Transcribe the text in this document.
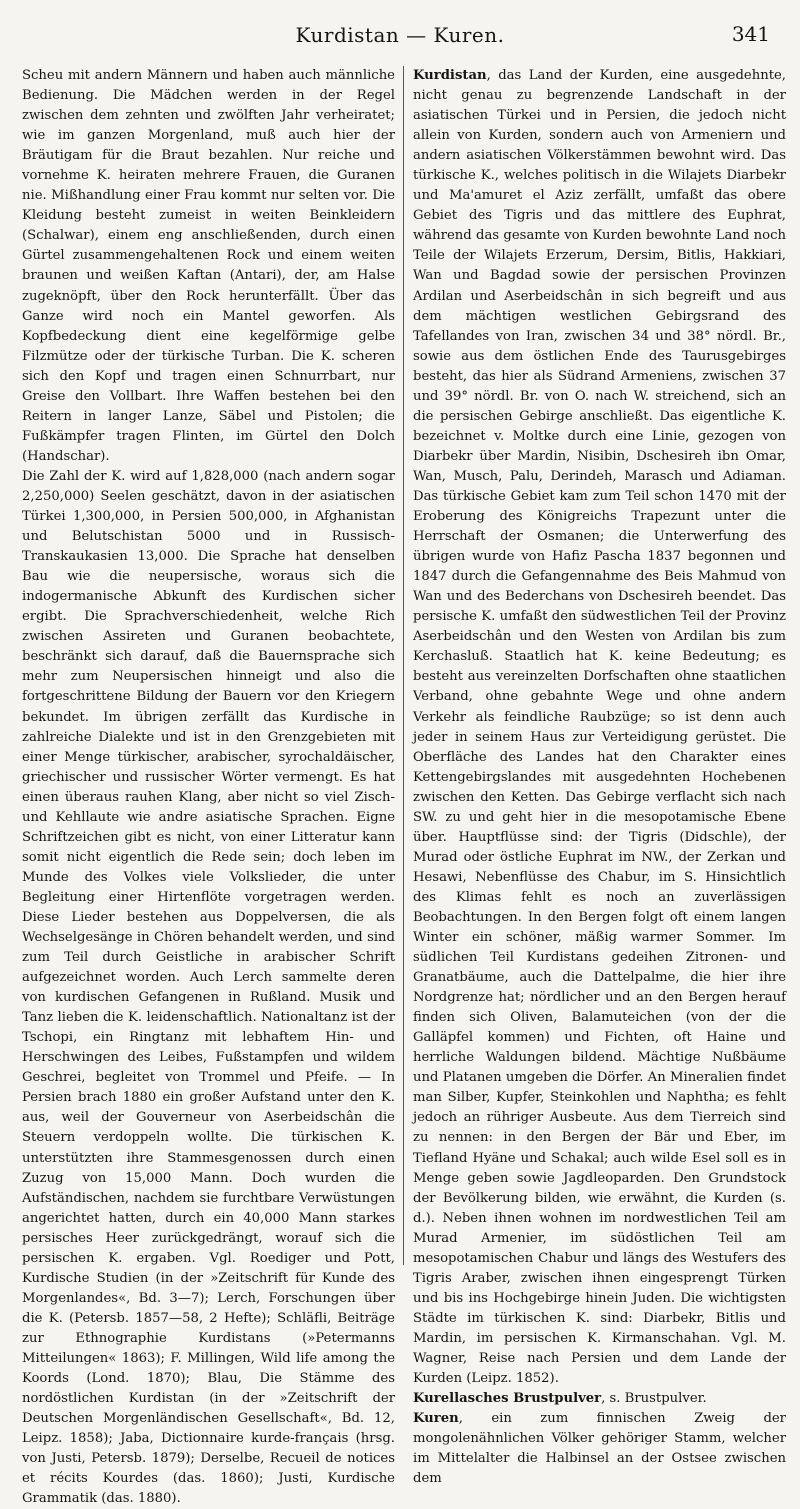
Kurdistan — Kuren.	341

Scheu mit andern Männern und haben auch männliche Bedienung. Die Mädchen werden in der Regel zwischen dem zehnten und zwölften Jahr verheiratet; wie im ganzen Morgenland, muß auch hier der Bräutigam für die Braut bezahlen. Nur reiche und vornehme K. heiraten mehrere Frauen, die Guranen nie. Mißhandlung einer Frau kommt nur selten vor. Die Kleidung besteht zumeist in weiten Beinkleidern (Schalwar), einem eng anschließenden, durch einen Gürtel zusammengehaltenen Rock und einem weiten braunen und weißen Kaftan (Antari), der, am Halse zugeknöpft, über den Rock herunterfällt. Über das Ganze wird noch ein Mantel geworfen. Als Kopfbedeckung dient eine kegelförmige gelbe Filzmütze oder der türkische Turban. Die K. scheren sich den Kopf und tragen einen Schnurrbart, nur Greise den Vollbart. Ihre Waffen bestehen bei den Reitern in langer Lanze, Säbel und Pistolen; die Fußkämpfer tragen Flinten, im Gürtel den Dolch (Handschar).

Die Zahl der K. wird auf 1,828,000 (nach andern sogar 2,250,000) Seelen geschätzt, davon in der asiatischen Türkei 1,300,000, in Persien 500,000, in Afghanistan und Belutschistan 5000 und in Russisch-Transkaukasien 13,000. Die Sprache hat denselben Bau wie die neupersische, woraus sich die indogermanische Abkunft des Kurdischen sicher ergibt. Die Sprachverschiedenheit, welche Rich zwischen Assireten und Guranen beobachtete, beschränkt sich darauf, daß die Bauernsprache sich mehr zum Neupersischen hinneigt und also die fortgeschrittene Bildung der Bauern vor den Kriegern bekundet. Im übrigen zerfällt das Kurdische in zahlreiche Dialekte und ist in den Grenzgebieten mit einer Menge türkischer, arabischer, syrochaldäischer, griechischer und russischer Wörter vermengt. Es hat einen überaus rauhen Klang, aber nicht so viel Zisch- und Kehllaute wie andre asiatische Sprachen. Eigne Schriftzeichen gibt es nicht, von einer Litteratur kann somit nicht eigentlich die Rede sein; doch leben im Munde des Volkes viele Volkslieder, die unter Begleitung einer Hirtenflöte vorgetragen werden. Diese Lieder bestehen aus Doppelversen, die als Wechselgesänge in Chören behandelt werden, und sind zum Teil durch Geistliche in arabischer Schrift aufgezeichnet worden. Auch Lerch sammelte deren von kurdischen Gefangenen in Rußland. Musik und Tanz lieben die K. leidenschaftlich. Nationaltanz ist der Tschopi, ein Ringtanz mit lebhaftem Hin- und Herschwingen des Leibes, Fußstampfen und wildem Geschrei, begleitet von Trommel und Pfeife. — In Persien brach 1880 ein großer Aufstand unter den K. aus, weil der Gouverneur von Aserbeidschân die Steuern verdoppeln wollte. Die türkischen K. unterstützten ihre Stammesgenossen durch einen Zuzug von 15,000 Mann. Doch wurden die Aufständischen, nachdem sie furchtbare Verwüstungen angerichtet hatten, durch ein 40,000 Mann starkes persisches Heer zurückgedrängt, worauf sich die persischen K. ergaben. Vgl. Roediger und Pott, Kurdische Studien (in der »Zeitschrift für Kunde des Morgenlandes«, Bd. 3—7); Lerch, Forschungen über die K. (Petersb. 1857—58, 2 Hefte); Schläfli, Beiträge zur Ethnographie Kurdistans (»Petermanns Mitteilungen« 1863); F. Millingen, Wild life among the Koords (Lond. 1870); Blau, Die Stämme des nordöstlichen Kurdistan (in der »Zeitschrift der Deutschen Morgenländischen Gesellschaft«, Bd. 12, Leipz. 1858); Jaba, Dictionnaire kurde-français (hrsg. von Justi, Petersb. 1879); Derselbe, Recueil de notices et récits Kourdes (das. 1860); Justi, Kurdische Grammatik (das. 1880).

Kurdistan, das Land der Kurden, eine ausgedehnte, nicht genau zu begrenzende Landschaft in der asiatischen Türkei und in Persien, die jedoch nicht allein von Kurden, sondern auch von Armeniern und andern asiatischen Völkerstämmen bewohnt wird. Das türkische K., welches politisch in die Wilajets Diarbekr und Ma'amuret el Aziz zerfällt, umfaßt das obere Gebiet des Tigris und das mittlere des Euphrat, während das gesamte von Kurden bewohnte Land noch Teile der Wilajets Erzerum, Dersim, Bitlis, Hakkiari, Wan und Bagdad sowie der persischen Provinzen Ardilan und Aserbeidschân in sich begreift und aus dem mächtigen westlichen Gebirgsrand des Tafellandes von Iran, zwischen 34 und 38° nördl. Br., sowie aus dem östlichen Ende des Taurusgebirges besteht, das hier als Südrand Armeniens, zwischen 37 und 39° nördl. Br. von O. nach W. streichend, sich an die persischen Gebirge anschließt. Das eigentliche K. bezeichnet v. Moltke durch eine Linie, gezogen von Diarbekr über Mardin, Nisibin, Dschesireh ibn Omar, Wan, Musch, Palu, Derindeh, Marasch und Adiaman. Das türkische Gebiet kam zum Teil schon 1470 mit der Eroberung des Königreichs Trapezunt unter die Herrschaft der Osmanen; die Unterwerfung des übrigen wurde von Hafiz Pascha 1837 begonnen und 1847 durch die Gefangennahme des Beis Mahmud von Wan und des Bederchans von Dschesireh beendet. Das persische K. umfaßt den südwestlichen Teil der Provinz Aserbeidschân und den Westen von Ardilan bis zum Kerchasluß. Staatlich hat K. keine Bedeutung; es besteht aus vereinzelten Dorfschaften ohne staatlichen Verband, ohne gebahnte Wege und ohne andern Verkehr als feindliche Raubzüge; so ist denn auch jeder in seinem Haus zur Verteidigung gerüstet. Die Oberfläche des Landes hat den Charakter eines Kettengebirgslandes mit ausgedehnten Hochebenen zwischen den Ketten. Das Gebirge verflacht sich nach SW. zu und geht hier in die mesopotamische Ebene über. Hauptflüsse sind: der Tigris (Didschle), der Murad oder östliche Euphrat im NW., der Zerkan und Hesawi, Nebenflüsse des Chabur, im S. Hinsichtlich des Klimas fehlt es noch an zuverlässigen Beobachtungen. In den Bergen folgt oft einem langen Winter ein schöner, mäßig warmer Sommer. Im südlichen Teil Kurdistans gedeihen Zitronen- und Granatbäume, auch die Dattelpalme, die hier ihre Nordgrenze hat; nördlicher und an den Bergen herauf finden sich Oliven, Balamuteichen (von der die Galläpfel kommen) und Fichten, oft Haine und herrliche Waldungen bildend. Mächtige Nußbäume und Platanen umgeben die Dörfer. An Mineralien findet man Silber, Kupfer, Steinkohlen und Naphtha; es fehlt jedoch an rühriger Ausbeute. Aus dem Tierreich sind zu nennen: in den Bergen der Bär und Eber, im Tiefland Hyäne und Schakal; auch wilde Esel soll es in Menge geben sowie Jagdleoparden. Den Grundstock der Bevölkerung bilden, wie erwähnt, die Kurden (s. d.). Neben ihnen wohnen im nordwestlichen Teil am Murad Armenier, im südöstlichen Teil am mesopotamischen Chabur und längs des Westufers des Tigris Araber, zwischen ihnen eingesprengt Türken und bis ins Hochgebirge hinein Juden. Die wichtigsten Städte im türkischen K. sind: Diarbekr, Bitlis und Mardin, im persischen K. Kirmanschahan. Vgl. M. Wagner, Reise nach Persien und dem Lande der Kurden (Leipz. 1852).

Kurellasches Brustpulver, s. Brustpulver.

Kuren, ein zum finnischen Zweig der mongolenähnlichen Völker gehöriger Stamm, welcher im Mittelalter die Halbinsel an der Ostsee zwischen dem
